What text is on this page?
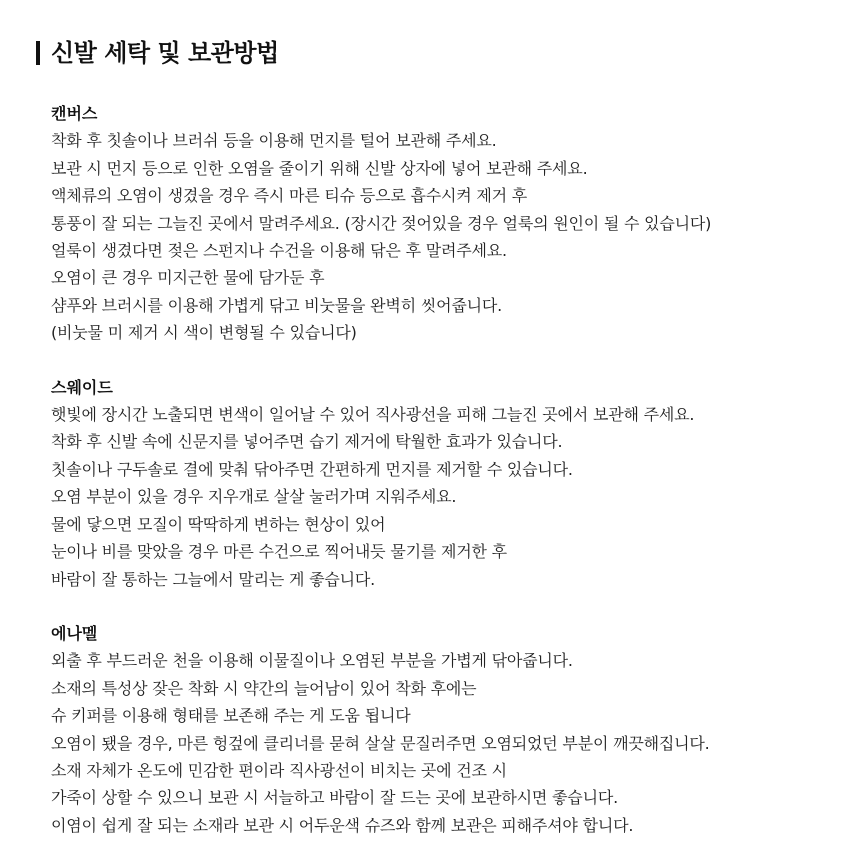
신발 세탁 및 보관방법

캔버스

착화 후 칫솔이나 브러쉬 등을 이용해 먼지를 털어 보관해 주세요.

보관 시 먼지 등으로 인한 오염을 줄이기 위해 신발 상자에 넣어 보관해 주세요.

액체류의 오염이 생겼을 경우 즉시 마른 티슈 등으로 흡수시켜 제거 후

통풍이 잘 되는 그늘진 곳에서 말려주세요. (장시간 젖어있을 경우 얼룩의 원인이 될 수 있습니다)

얼룩이 생겼다면 젖은 스펀지나 수건을 이용해 닦은 후 말려주세요.

오염이 큰 경우 미지근한 물에 담가둔 후

샴푸와 브러시를 이용해 가볍게 닦고 비눗물을 완벽히 씻어줍니다.

(비눗물 미 제거 시 색이 변형될 수 있습니다)

스웨이드

햇빛에 장시간 노출되면 변색이 일어날 수 있어 직사광선을 피해 그늘진 곳에서 보관해 주세요.

착화 후 신발 속에 신문지를 넣어주면 습기 제거에 탁월한 효과가 있습니다.

칫솔이나 구두솔로 결에 맞춰 닦아주면 간편하게 먼지를 제거할 수 있습니다.

오염 부분이 있을 경우 지우개로 살살 눌러가며 지워주세요.

물에 닿으면 모질이 딱딱하게 변하는 현상이 있어

눈이나 비를 맞았을 경우 마른 수건으로 찍어내듯 물기를 제거한 후

바람이 잘 통하는 그늘에서 말리는 게 좋습니다.

에나멜

외출 후 부드러운 천을 이용해 이물질이나 오염된 부분을 가볍게 닦아줍니다.

소재의 특성상 잦은 착화 시 약간의 늘어남이 있어 착화 후에는

슈 키퍼를 이용해 형태를 보존해 주는 게 도움 됩니다

오염이 됐을 경우, 마른 헝겊에 클리너를 묻혀 살살 문질러주면 오염되었던 부분이 깨끗해집니다.

소재 자체가 온도에 민감한 편이라 직사광선이 비치는 곳에 건조 시

가죽이 상할 수 있으니 보관 시 서늘하고 바람이 잘 드는 곳에 보관하시면 좋습니다.

이염이 쉽게 잘 되는 소재라 보관 시 어두운색 슈즈와 함께 보관은 피해주셔야 합니다.
